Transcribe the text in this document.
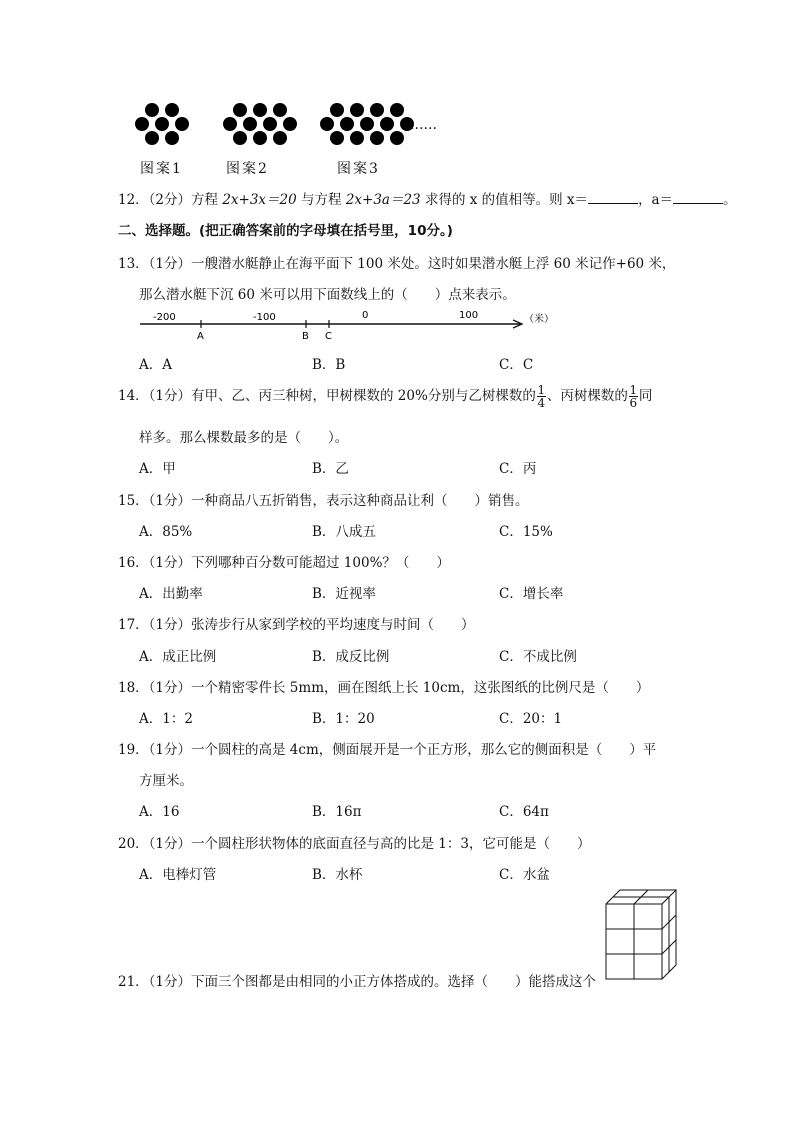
……
图案1	图案2	图案3
12．（2分）方程 2x+3x＝20 与方程 2x+3a＝23 求得的 x 的值相等。则 x＝	，a＝	。
二、选择题。(把正确答案前的字母填在括号里，10分。)
13．（1分）一艘潜水艇静止在海平面下 100 米处。这时如果潜水艇上浮 60 米记作+60 米，
那么潜水艇下沉 60 米可以用下面数线上的（　　）点来表示。
-200	-100	0	100	（米）
A	B C
A．A	B．B	C．C
14．（1分）有甲、乙、丙三种树，甲树棵数的 20%分别与乙树棵数的 $\frac{1}{4}$ 、丙树棵数的 $\frac{1}{6}$ 同
样多。那么棵数最多的是（　　）。
A．甲	B．乙	C．丙
15．（1分）一种商品八五折销售，表示这种商品让利（　　）销售。
A．85%	B．八成五	C．15%
16．（1分）下列哪种百分数可能超过 100%？（　　）
A．出勤率	B．近视率	C．增长率
17．（1分）张涛步行从家到学校的平均速度与时间（　　）
A．成正比例	B．成反比例	C．不成比例
18．（1分）一个精密零件长 5mm，画在图纸上长 10cm，这张图纸的比例尺是（　　）
A．1：2	B．1：20	C．20：1
19．（1分）一个圆柱的高是 4cm，侧面展开是一个正方形，那么它的侧面积是（　　）平
方厘米。
A．16	B．16π	C．64π
20．（1分）一个圆柱形状物体的底面直径与高的比是 1：3，它可能是（　　）
A．电棒灯管	B．水杯	C．水盆
21．（1分）下面三个图都是由相同的小正方体搭成的。选择（　　）能搭成这个
